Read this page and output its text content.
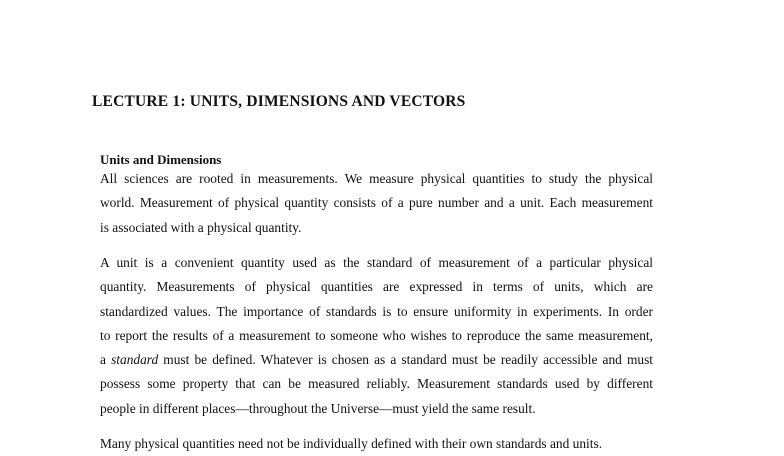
LECTURE 1: UNITS, DIMENSIONS AND VECTORS
Units and Dimensions
All sciences are rooted in measurements. We measure physical quantities to study the physical
world. Measurement of physical quantity consists of a pure number and a unit. Each measurement
is associated with a physical quantity.
A unit is a convenient quantity used as the standard of measurement of a particular physical
quantity. Measurements of physical quantities are expressed in terms of units, which are
standardized values. The importance of standards is to ensure uniformity in experiments. In order
to report the results of a measurement to someone who wishes to reproduce the same measurement,
a standard must be defined. Whatever is chosen as a standard must be readily accessible and must
possess some property that can be measured reliably. Measurement standards used by different
people in different places—throughout the Universe—must yield the same result.
Many physical quantities need not be individually defined with their own standards and units.
